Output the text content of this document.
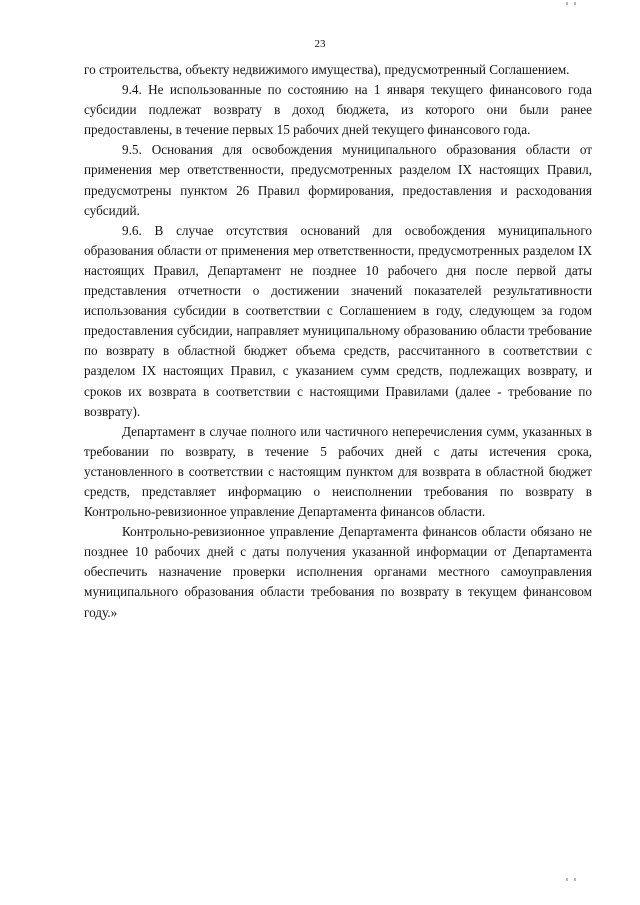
23

го строительства, объекту недвижимого имущества), предусмотренный Соглашением.

9.4. Не использованные по состоянию на 1 января текущего финансового года субсидии подлежат возврату в доход бюджета, из которого они были ранее предоставлены, в течение первых 15 рабочих дней текущего финансового года.

9.5. Основания для освобождения муниципального образования области от применения мер ответственности, предусмотренных разделом IX настоящих Правил, предусмотрены пунктом 26 Правил формирования, предоставления и расходования субсидий.

9.6. В случае отсутствия оснований для освобождения муниципального образования области от применения мер ответственности, предусмотренных разделом IX настоящих Правил, Департамент не позднее 10 рабочего дня после первой даты представления отчетности о достижении значений показателей результативности использования субсидии в соответствии с Соглашением в году, следующем за годом предоставления субсидии, направляет муниципальному образованию области требование по возврату в областной бюджет объема средств, рассчитанного в соответствии с разделом IX настоящих Правил, с указанием сумм средств, подлежащих возврату, и сроков их возврата в соответствии с настоящими Правилами (далее - требование по возврату).

Департамент в случае полного или частичного неперечисления сумм, указанных в требовании по возврату, в течение 5 рабочих дней с даты истечения срока, установленного в соответствии с настоящим пунктом для возврата в областной бюджет средств, представляет информацию о неисполнении требования по возврату в Контрольно-ревизионное управление Департамента финансов области.

Контрольно-ревизионное управление Департамента финансов области обязано не позднее 10 рабочих дней с даты получения указанной информации от Департамента обеспечить назначение проверки исполнения органами местного самоуправления муниципального образования области требования по возврату в текущем финансовом году.»
